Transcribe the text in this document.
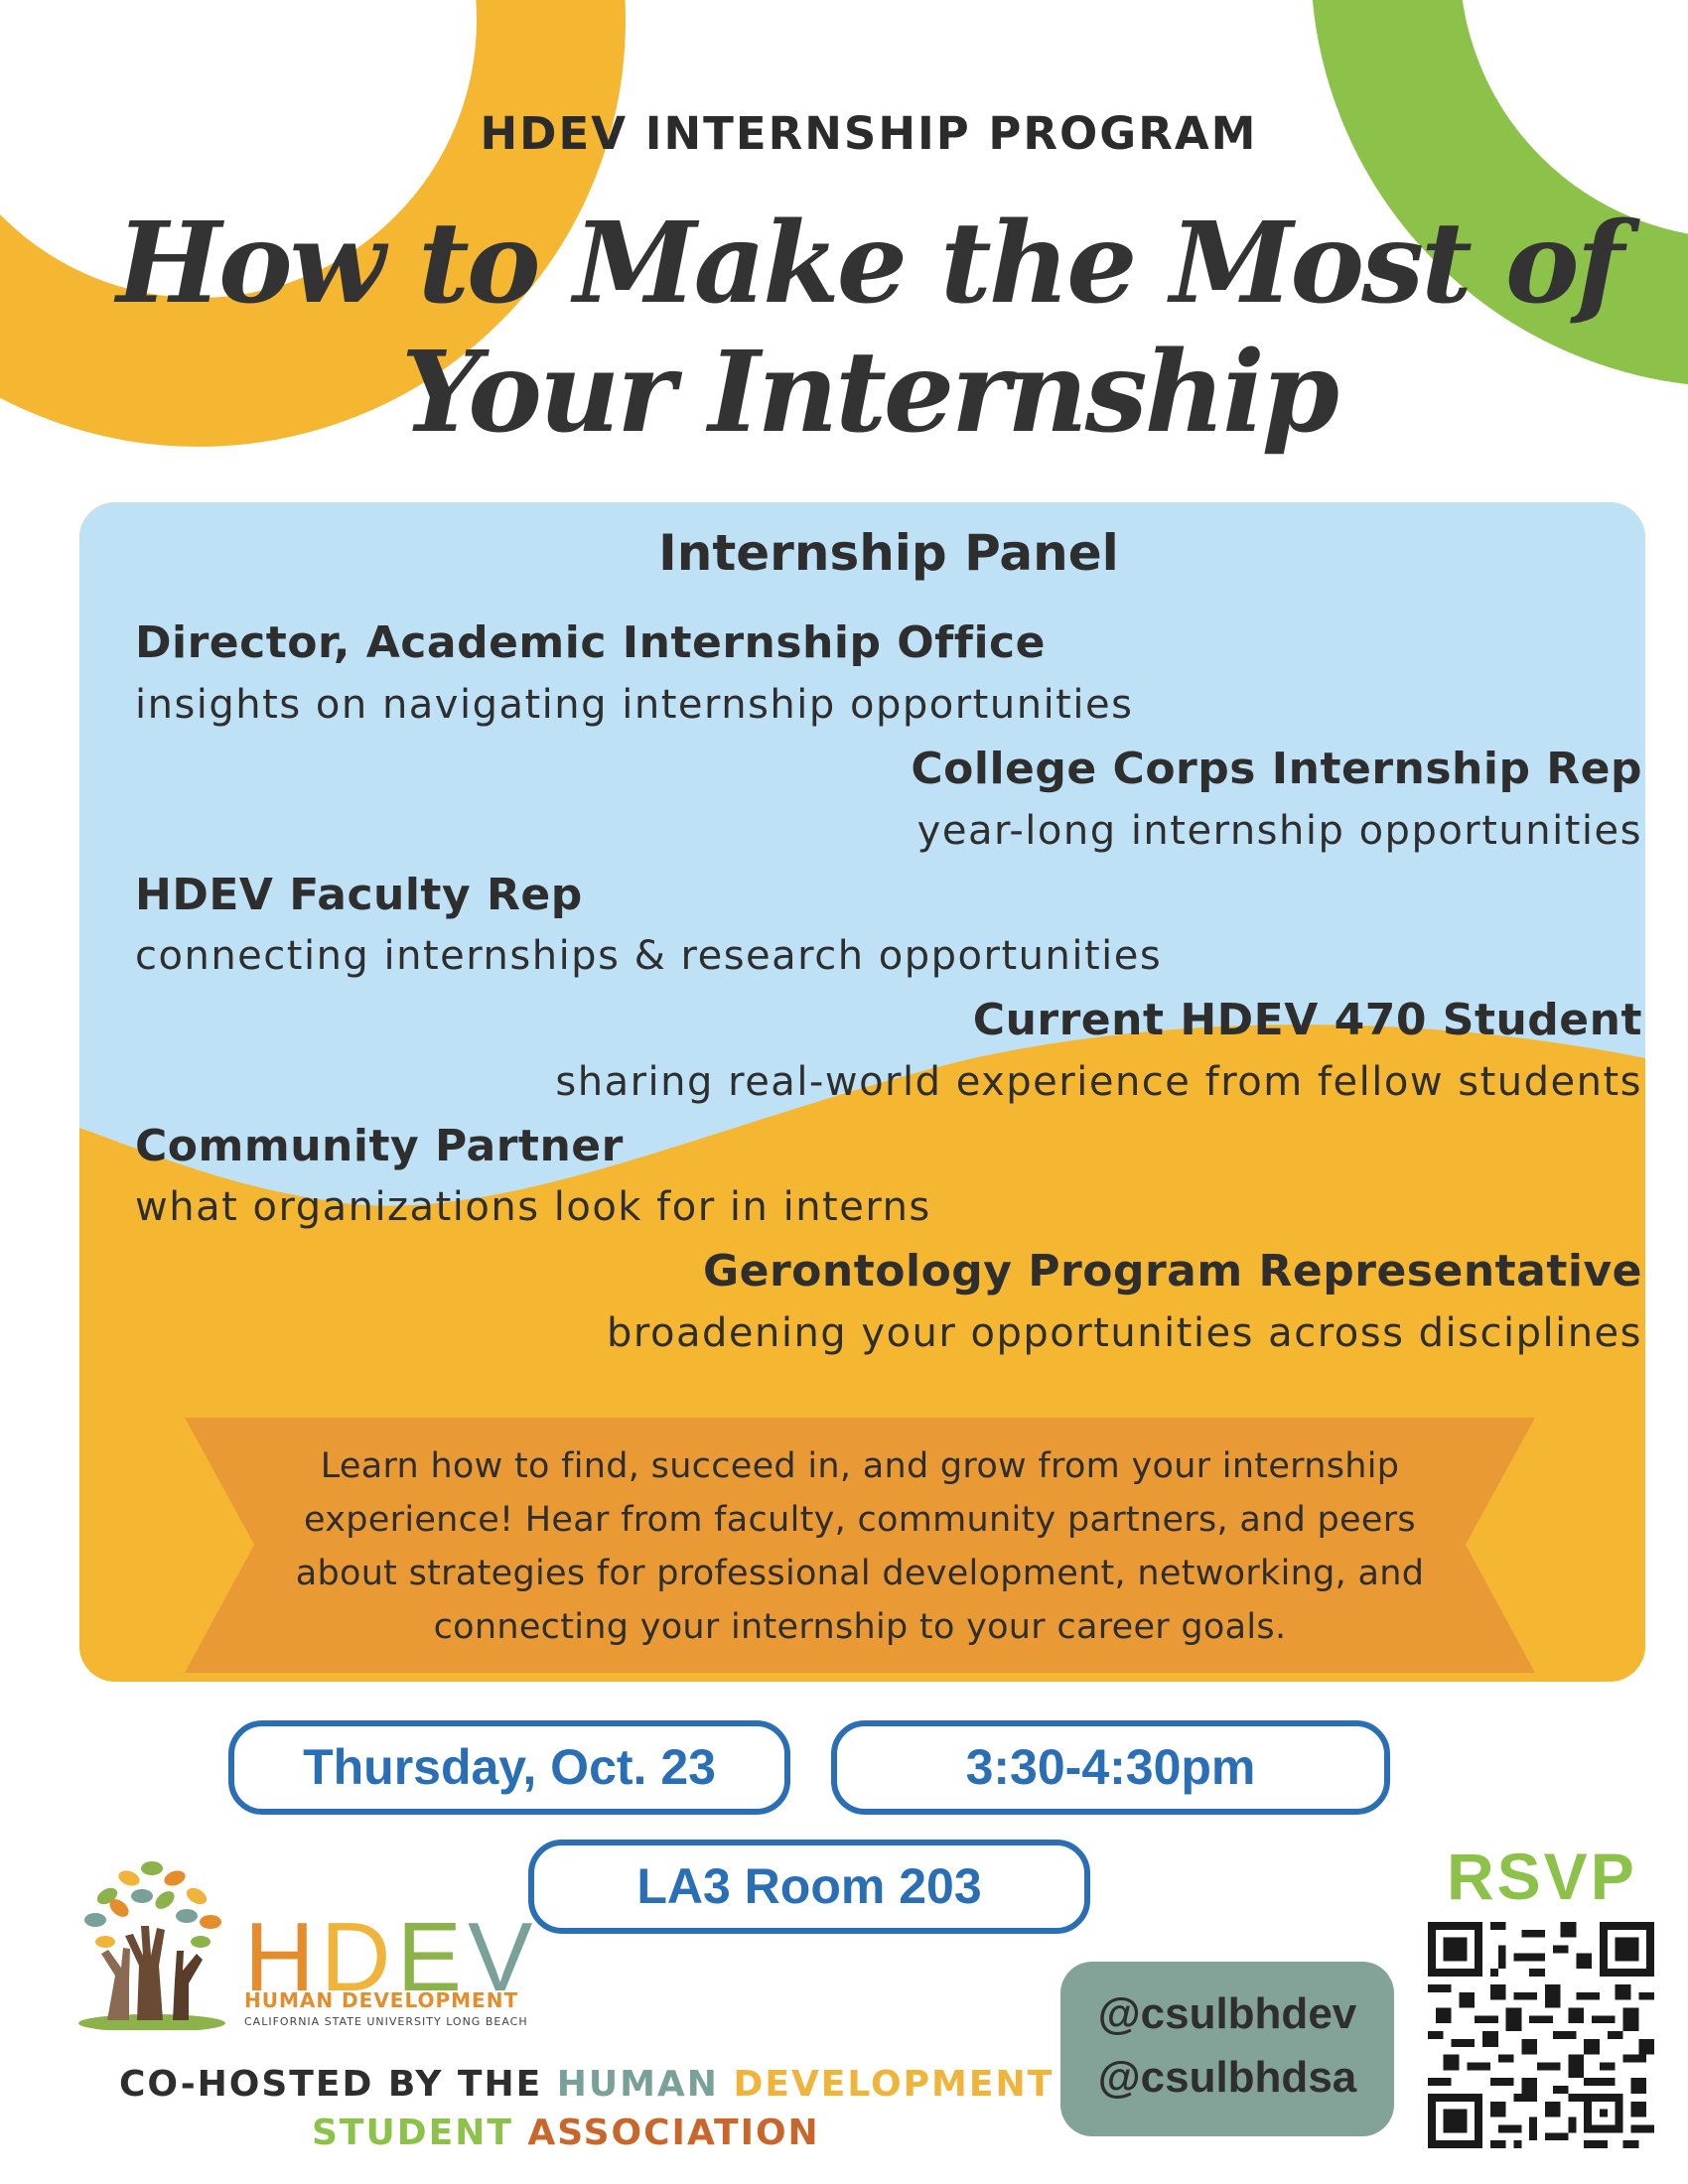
HDEV INTERNSHIP PROGRAM
How to Make the Most of
Your Internship
Internship Panel
Director, Academic Internship Office
insights on navigating internship opportunities
College Corps Internship Rep
year-long internship opportunities
HDEV Faculty Rep
connecting internships & research opportunities
Current HDEV 470 Student
sharing real-world experience from fellow students
Community Partner
what organizations look for in interns
Gerontology Program Representative
broadening your opportunities across disciplines
Learn how to find, succeed in, and grow from your internship
experience! Hear from faculty, community partners, and peers
about strategies for professional development, networking, and
connecting your internship to your career goals.
Thursday, Oct. 23	3:30-4:30pm
LA3 Room 203
HDEV
HUMAN DEVELOPMENT
CALIFORNIA STATE UNIVERSITY LONG BEACH
CO-HOSTED BY THE HUMAN DEVELOPMENT
STUDENT ASSOCIATION
@csulbhdev
@csulbhdsa
RSVP
